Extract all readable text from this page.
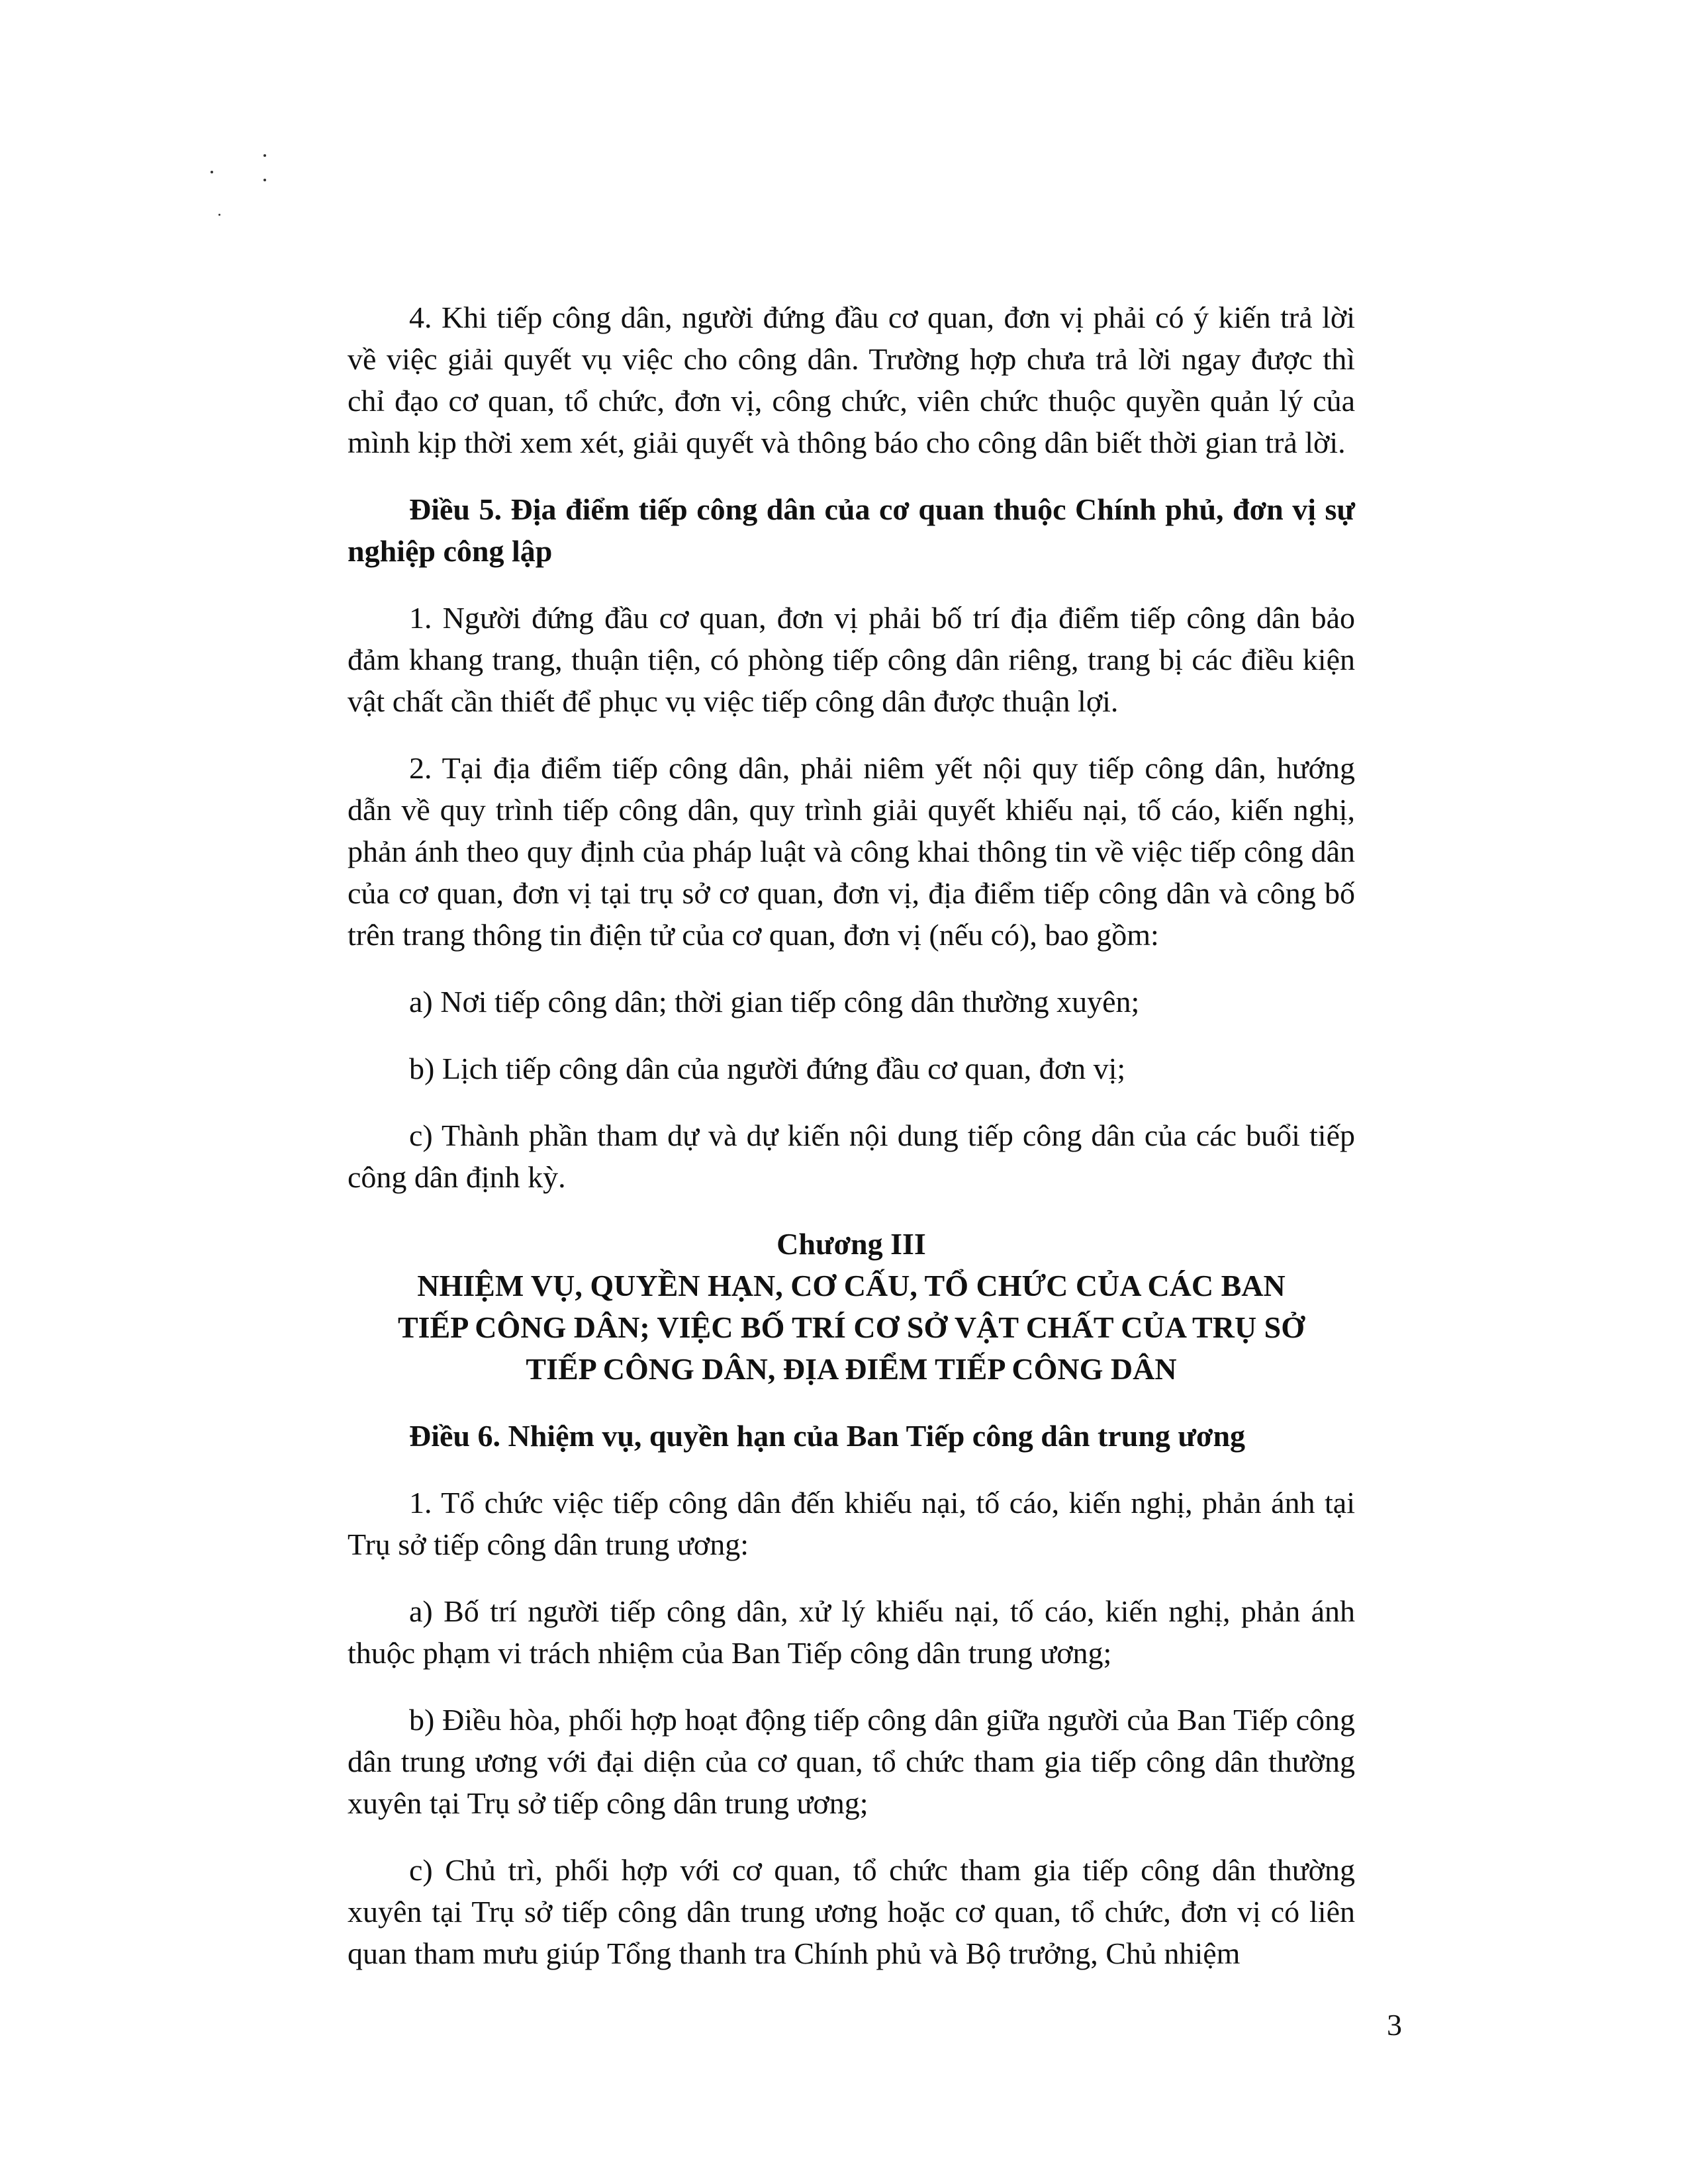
4. Khi tiếp công dân, người đứng đầu cơ quan, đơn vị phải có ý kiến trả lời về việc giải quyết vụ việc cho công dân. Trường hợp chưa trả lời ngay được thì chỉ đạo cơ quan, tổ chức, đơn vị, công chức, viên chức thuộc quyền quản lý của mình kịp thời xem xét, giải quyết và thông báo cho công dân biết thời gian trả lời.

Điều 5. Địa điểm tiếp công dân của cơ quan thuộc Chính phủ, đơn vị sự nghiệp công lập

1. Người đứng đầu cơ quan, đơn vị phải bố trí địa điểm tiếp công dân bảo đảm khang trang, thuận tiện, có phòng tiếp công dân riêng, trang bị các điều kiện vật chất cần thiết để phục vụ việc tiếp công dân được thuận lợi.

2. Tại địa điểm tiếp công dân, phải niêm yết nội quy tiếp công dân, hướng dẫn về quy trình tiếp công dân, quy trình giải quyết khiếu nại, tố cáo, kiến nghị, phản ánh theo quy định của pháp luật và công khai thông tin về việc tiếp công dân của cơ quan, đơn vị tại trụ sở cơ quan, đơn vị, địa điểm tiếp công dân và công bố trên trang thông tin điện tử của cơ quan, đơn vị (nếu có), bao gồm:

a) Nơi tiếp công dân; thời gian tiếp công dân thường xuyên;

b) Lịch tiếp công dân của người đứng đầu cơ quan, đơn vị;

c) Thành phần tham dự và dự kiến nội dung tiếp công dân của các buổi tiếp công dân định kỳ.

Chương III
NHIỆM VỤ, QUYỀN HẠN, CƠ CẤU, TỔ CHỨC CỦA CÁC BAN TIẾP CÔNG DÂN; VIỆC BỐ TRÍ CƠ SỞ VẬT CHẤT CỦA TRỤ SỞ TIẾP CÔNG DÂN, ĐỊA ĐIỂM TIẾP CÔNG DÂN

Điều 6. Nhiệm vụ, quyền hạn của Ban Tiếp công dân trung ương

1. Tổ chức việc tiếp công dân đến khiếu nại, tố cáo, kiến nghị, phản ánh tại Trụ sở tiếp công dân trung ương:

a) Bố trí người tiếp công dân, xử lý khiếu nại, tố cáo, kiến nghị, phản ánh thuộc phạm vi trách nhiệm của Ban Tiếp công dân trung ương;

b) Điều hòa, phối hợp hoạt động tiếp công dân giữa người của Ban Tiếp công dân trung ương với đại diện của cơ quan, tổ chức tham gia tiếp công dân thường xuyên tại Trụ sở tiếp công dân trung ương;

c) Chủ trì, phối hợp với cơ quan, tổ chức tham gia tiếp công dân thường xuyên tại Trụ sở tiếp công dân trung ương hoặc cơ quan, tổ chức, đơn vị có liên quan tham mưu giúp Tổng thanh tra Chính phủ và Bộ trưởng, Chủ nhiệm

3
